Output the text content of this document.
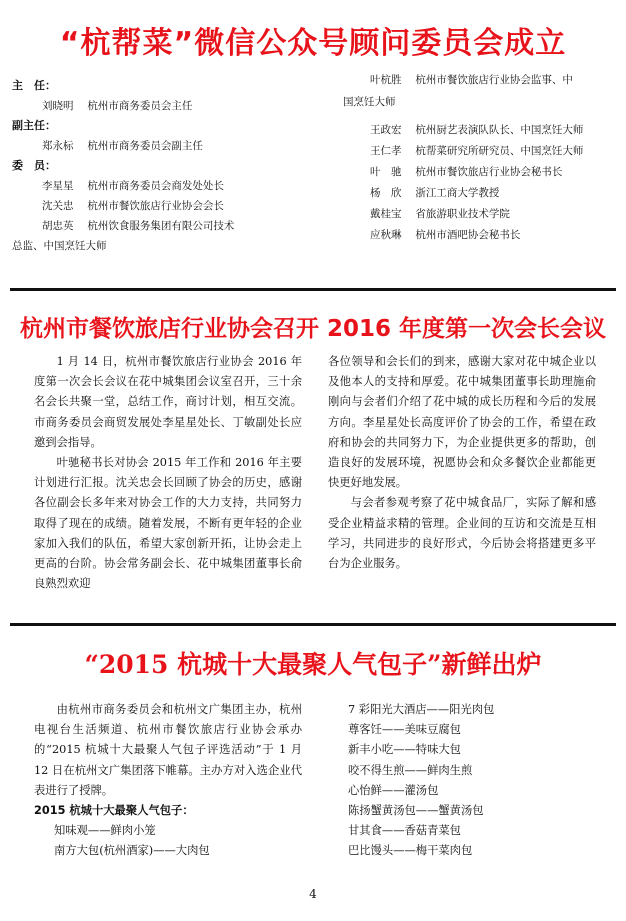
“杭帮菜”微信公众号顾问委员会成立
主　任：
刘晓明　 杭州市商务委员会主任
副主任：
郑永标　 杭州市商务委员会副主任
委　员：
李星星　 杭州市商务委员会商发处处长
沈关忠　 杭州市餐饮旅店行业协会会长
胡忠英　 杭州饮食服务集团有限公司技术
总监、中国烹饪大师
叶杭胜　 杭州市餐饮旅店行业协会监事、中
国烹饪大师
王政宏　 杭州厨艺表演队队长、中国烹饪大师
王仁孝　 杭帮菜研究所研究员、中国烹饪大师
叶　驰　 杭州市餐饮旅店行业协会秘书长
杨　欣　 浙江工商大学教授
戴桂宝　 省旅游职业技术学院
应秋琳　 杭州市酒吧协会秘书长
杭州市餐饮旅店行业协会召开 2016 年度第一次会长会议

1 月 14 日，杭州市餐饮旅店行业协会 2016 年度第一次会长会议在花中城集团会议室召开，三十余名会长共聚一堂，总结工作，商讨计划，相互交流。市商务委员会商贸发展处李星星处长、丁敏副处长应邀到会指导。

叶驰秘书长对协会 2015 年工作和 2016 年主要计划进行汇报。沈关忠会长回顾了协会的历史，感谢各位副会长多年来对协会工作的大力支持，共同努力取得了现在的成绩。随着发展，不断有更年轻的企业家加入我们的队伍，希望大家创新开拓，让协会走上更高的台阶。协会常务副会长、花中城集团董事长俞良熟烈欢迎

各位领导和会长们的到来，感谢大家对花中城企业以及他本人的支持和厚爱。花中城集团董事长助理施俞刚向与会者们介绍了花中城的成长历程和今后的发展方向。李星星处长高度评价了协会的工作，希望在政府和协会的共同努力下，为企业提供更多的帮助，创造良好的发展环境，祝愿协会和众多餐饮企业都能更快更好地发展。

与会者参观考察了花中城食品厂，实际了解和感受企业精益求精的管理。企业间的互访和交流是互相学习，共同进步的良好形式，今后协会将搭建更多平台为企业服务。

“2015 杭城十大最聚人气包子”新鲜出炉

由杭州市商务委员会和杭州文广集团主办，杭州电视台生活频道、杭州市餐饮旅店行业协会承办的“2015 杭城十大最聚人气包子评选活动”于 1 月 12 日在杭州文广集团落下帷幕。主办方对入选企业代表进行了授牌。

2015 杭城十大最聚人气包子：
知味观——鲜肉小笼
南方大包(杭州酒家)——大肉包
7 彩阳光大酒店——阳光肉包
尊客饪——美味豆腐包
新丰小吃——特味大包
咬不得生煎——鲜肉生煎
心怡鲜——灌汤包
陈扬蟹黄汤包——蟹黄汤包
甘其食——香菇青菜包
巴比馒头——梅干菜肉包
4
